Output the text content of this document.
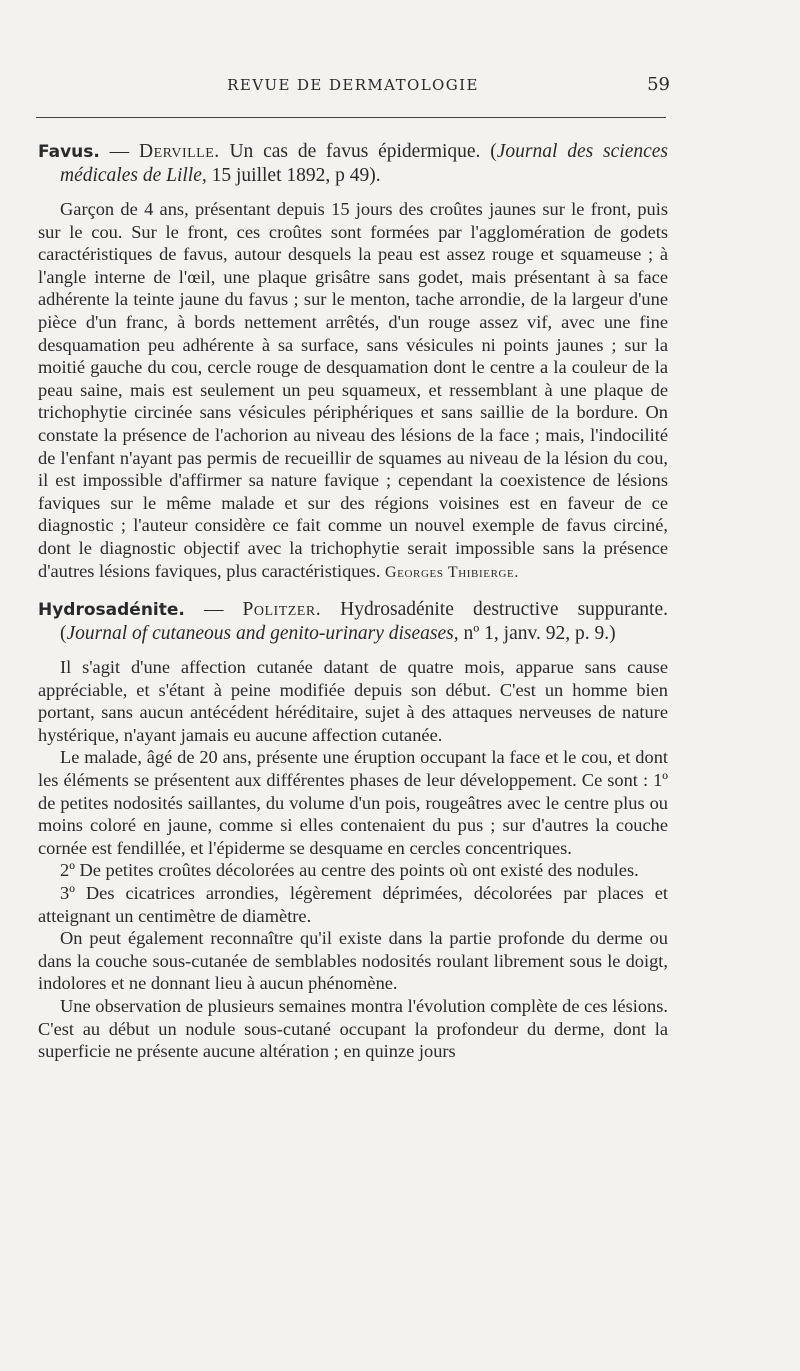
REVUE DE DERMATOLOGIE	59

Favus. — Derville. Un cas de favus épidermique. (Journal des sciences médicales de Lille, 15 juillet 1892, p 49).

Garçon de 4 ans, présentant depuis 15 jours des croûtes jaunes sur le front, puis sur le cou. Sur le front, ces croûtes sont formées par l'agglomération de godets caractéristiques de favus, autour desquels la peau est assez rouge et squameuse ; à l'angle interne de l'œil, une plaque grisâtre sans godet, mais présentant à sa face adhérente la teinte jaune du favus ; sur le menton, tache arrondie, de la largeur d'une pièce d'un franc, à bords nettement arrêtés, d'un rouge assez vif, avec une fine desquamation peu adhérente à sa surface, sans vésicules ni points jaunes ; sur la moitié gauche du cou, cercle rouge de desquamation dont le centre a la couleur de la peau saine, mais est seulement un peu squameux, et ressemblant à une plaque de trichophytie circinée sans vésicules périphériques et sans saillie de la bordure. On constate la présence de l'achorion au niveau des lésions de la face ; mais, l'indocilité de l'enfant n'ayant pas permis de recueillir de squames au niveau de la lésion du cou, il est impossible d'affirmer sa nature favique ; cependant la coexistence de lésions faviques sur le même malade et sur des régions voisines est en faveur de ce diagnostic ; l'auteur considère ce fait comme un nouvel exemple de favus circiné, dont le diagnostic objectif avec la trichophytie serait impossible sans la présence d'autres lésions faviques, plus caractéristiques. Georges Thibierge.

Hydrosadénite. — Politzer. Hydrosadénite destructive suppurante. (Journal of cutaneous and genito-urinary diseases, nº 1, janv. 92, p. 9.)

Il s'agit d'une affection cutanée datant de quatre mois, apparue sans cause appréciable, et s'étant à peine modifiée depuis son début. C'est un homme bien portant, sans aucun antécédent héréditaire, sujet à des attaques nerveuses de nature hystérique, n'ayant jamais eu aucune affection cutanée.

Le malade, âgé de 20 ans, présente une éruption occupant la face et le cou, et dont les éléments se présentent aux différentes phases de leur développement. Ce sont : 1º de petites nodosités saillantes, du volume d'un pois, rougeâtres avec le centre plus ou moins coloré en jaune, comme si elles contenaient du pus ; sur d'autres la couche cornée est fendillée, et l'épiderme se desquame en cercles concentriques.

2º De petites croûtes décolorées au centre des points où ont existé des nodules.

3º Des cicatrices arrondies, légèrement déprimées, décolorées par places et atteignant un centimètre de diamètre.

On peut également reconnaître qu'il existe dans la partie profonde du derme ou dans la couche sous-cutanée de semblables nodosités roulant librement sous le doigt, indolores et ne donnant lieu à aucun phénomène.

Une observation de plusieurs semaines montra l'évolution complète de ces lésions. C'est au début un nodule sous-cutané occupant la profondeur du derme, dont la superficie ne présente aucune altération ; en quinze jours
